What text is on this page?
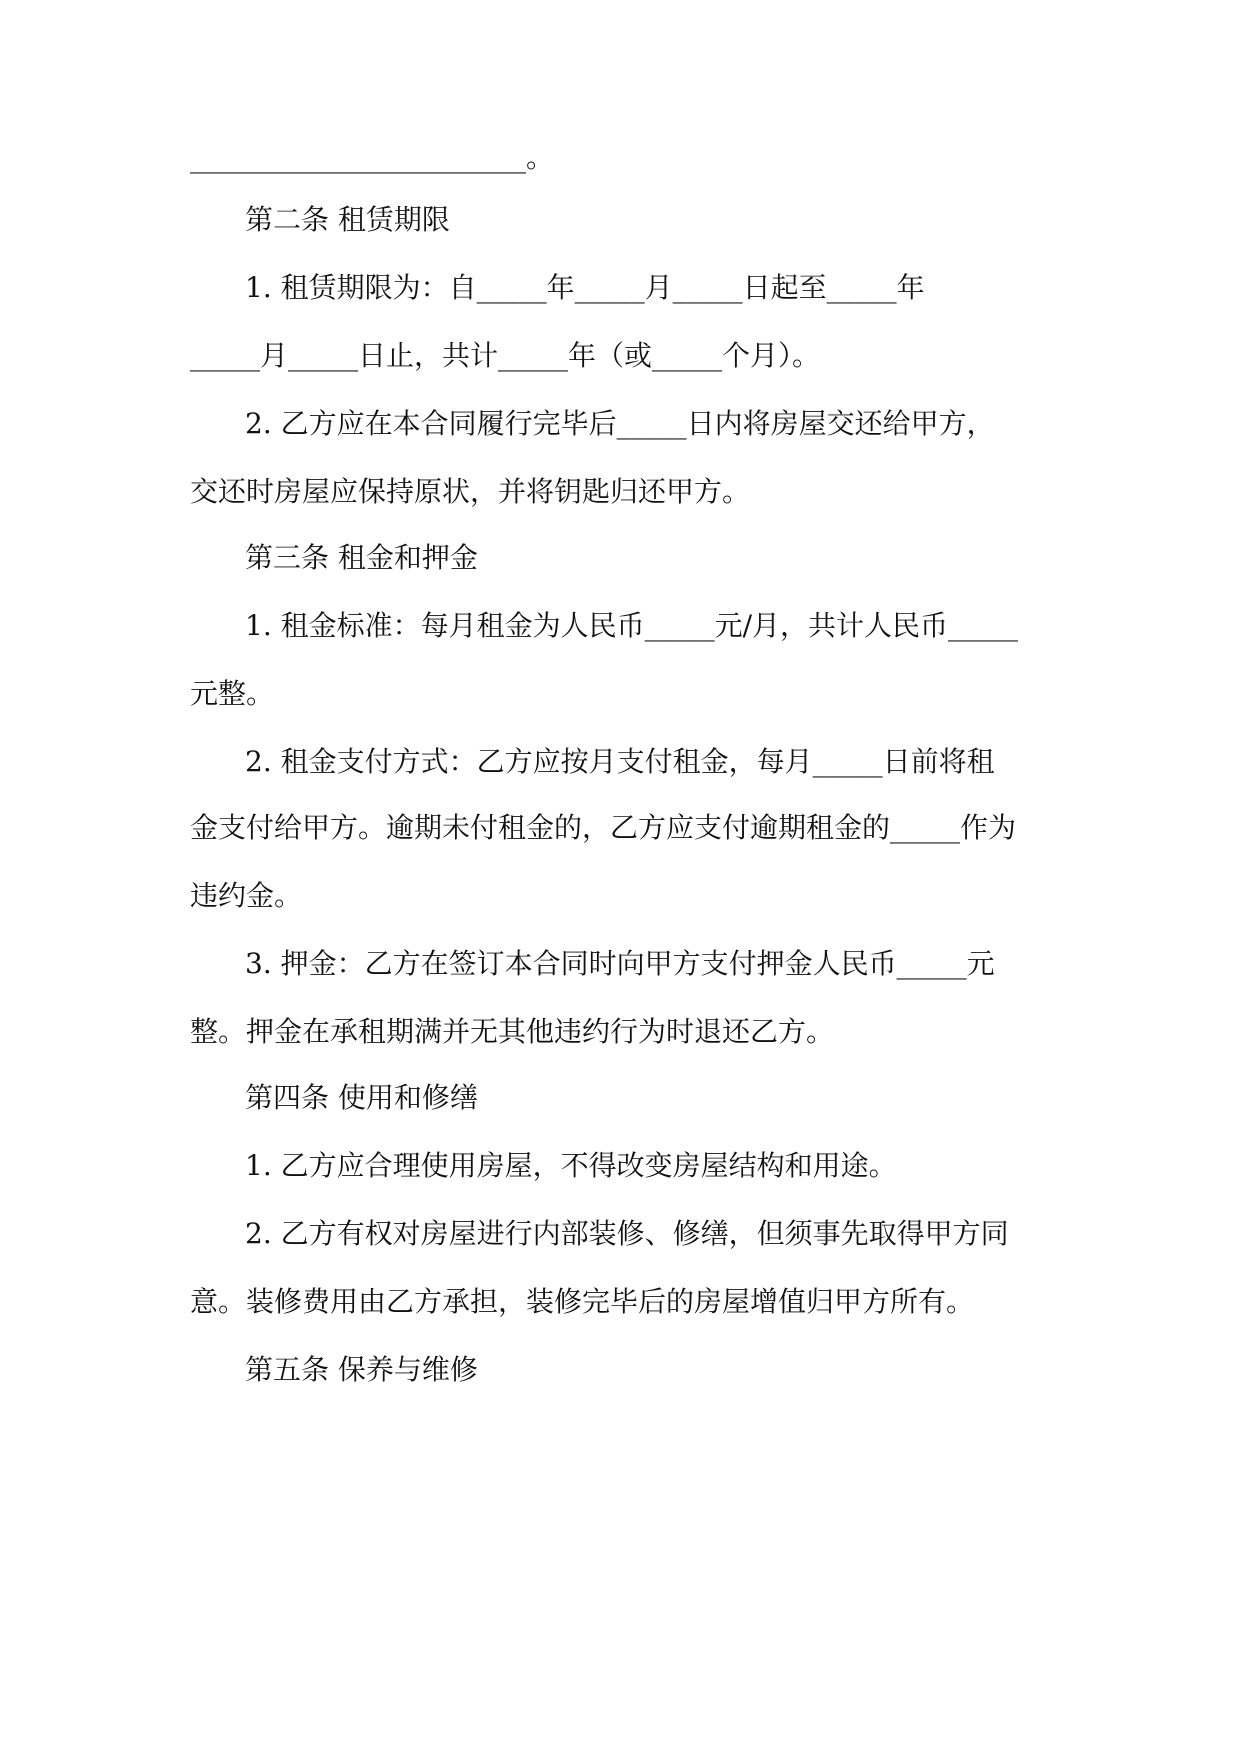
________________________。
第二条 租赁期限
1. 租赁期限为：自_____年_____月_____日起至_____年
_____月_____日止，共计_____年（或_____个月）。
2. 乙方应在本合同履行完毕后_____日内将房屋交还给甲方，
交还时房屋应保持原状，并将钥匙归还甲方。
第三条 租金和押金
1. 租金标准：每月租金为人民币_____元/月，共计人民币_____
元整。
2. 租金支付方式：乙方应按月支付租金，每月_____日前将租
金支付给甲方。逾期未付租金的，乙方应支付逾期租金的_____作为
违约金。
3. 押金：乙方在签订本合同时向甲方支付押金人民币_____元
整。押金在承租期满并无其他违约行为时退还乙方。
第四条 使用和修缮
1. 乙方应合理使用房屋，不得改变房屋结构和用途。
2. 乙方有权对房屋进行内部装修、修缮，但须事先取得甲方同
意。装修费用由乙方承担，装修完毕后的房屋增值归甲方所有。
第五条 保养与维修
